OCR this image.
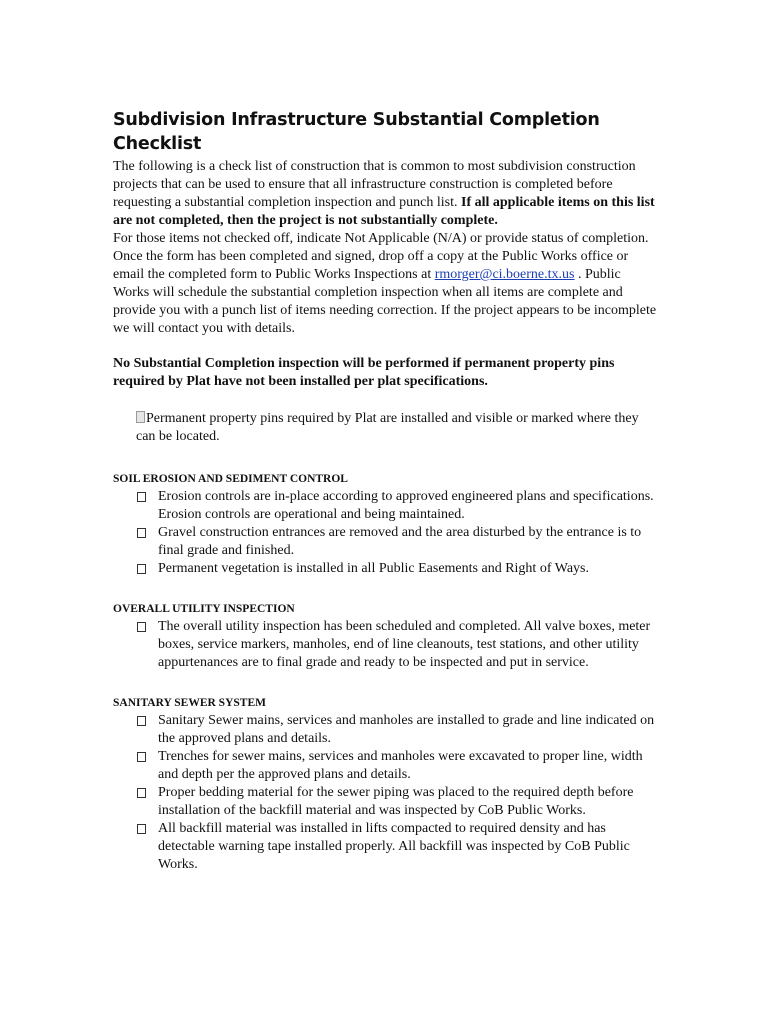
Subdivision Infrastructure Substantial Completion Checklist

The following is a check list of construction that is common to most subdivision construction projects that can be used to ensure that all infrastructure construction is completed before requesting a substantial completion inspection and punch list. If all applicable items on this list are not completed, then the project is not substantially complete.

For those items not checked off, indicate Not Applicable (N/A) or provide status of completion. Once the form has been completed and signed, drop off a copy at the Public Works office or email the completed form to Public Works Inspections at rmorger@ci.boerne.tx.us . Public Works will schedule the substantial completion inspection when all items are complete and provide you with a punch list of items needing correction. If the project appears to be incomplete we will contact you with details.

No Substantial Completion inspection will be performed if permanent property pins required by Plat have not been installed per plat specifications.

Permanent property pins required by Plat are installed and visible or marked where they can be located.

SOIL EROSION AND SEDIMENT CONTROL
Erosion controls are in-place according to approved engineered plans and specifications. Erosion controls are operational and being maintained.
Gravel construction entrances are removed and the area disturbed by the entrance is to final grade and finished.
Permanent vegetation is installed in all Public Easements and Right of Ways.
OVERALL UTILITY INSPECTION
The overall utility inspection has been scheduled and completed. All valve boxes, meter boxes, service markers, manholes, end of line cleanouts, test stations, and other utility appurtenances are to final grade and ready to be inspected and put in service.
SANITARY SEWER SYSTEM
Sanitary Sewer mains, services and manholes are installed to grade and line indicated on the approved plans and details.
Trenches for sewer mains, services and manholes were excavated to proper line, width and depth per the approved plans and details.
Proper bedding material for the sewer piping was placed to the required depth before installation of the backfill material and was inspected by CoB Public Works.
All backfill material was installed in lifts compacted to required density and has detectable warning tape installed properly. All backfill was inspected by CoB Public Works.
